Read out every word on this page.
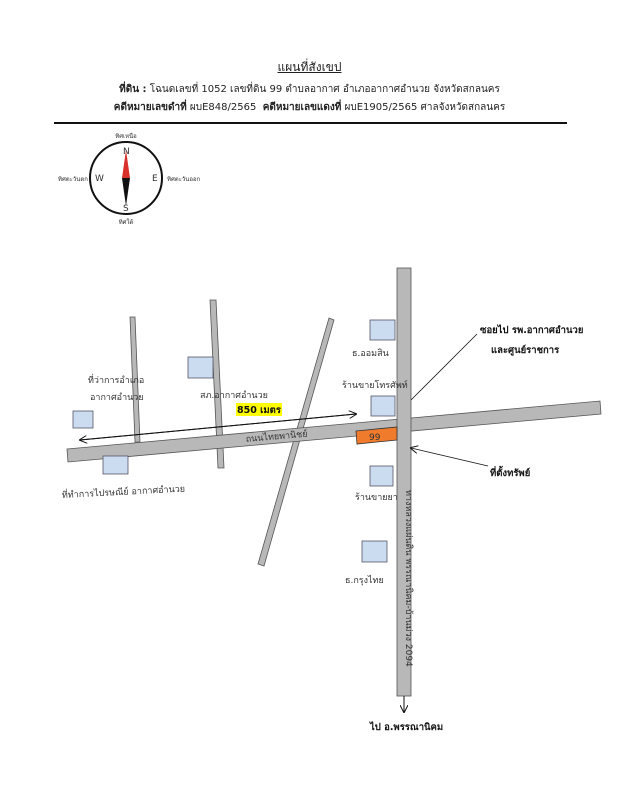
แผนที่สังเขป
ที่ดิน : โฉนดเลขที่ 1052 เลขที่ดิน 99 ตำบลอากาศ อำเภออากาศอำนวย จังหวัดสกลนคร
คดีหมายเลขดำที่ ผบE848/2565 คดีหมายเลขแดงที่ ผบE1905/2565 ศาลจังหวัดสกลนคร
N
S
W	E
ทิศเหนือ
ทิศใต้
ทิศตะวันตก	ทิศตะวันออก
ถนนไทยพานิชย์
ทางหลวงแผ่นดิน พรรณานิคม-บ้านม่วง 2094
850 เมตร
99
ที่ว่าการอำเภอ
อากาศอำนวย	สภ.อากาศอำนวย
ที่ทำการไปรษณีย์ อากาศอำนวย
ธ.ออมสิน
ร้านขายโทรศัพท์
ร้านขายยา
ธ.กรุงไทย
ซอยไป รพ.อากาศอำนวย
และศูนย์ราชการ
ที่ตั้งทรัพย์
ไป อ.พรรณานิคม
